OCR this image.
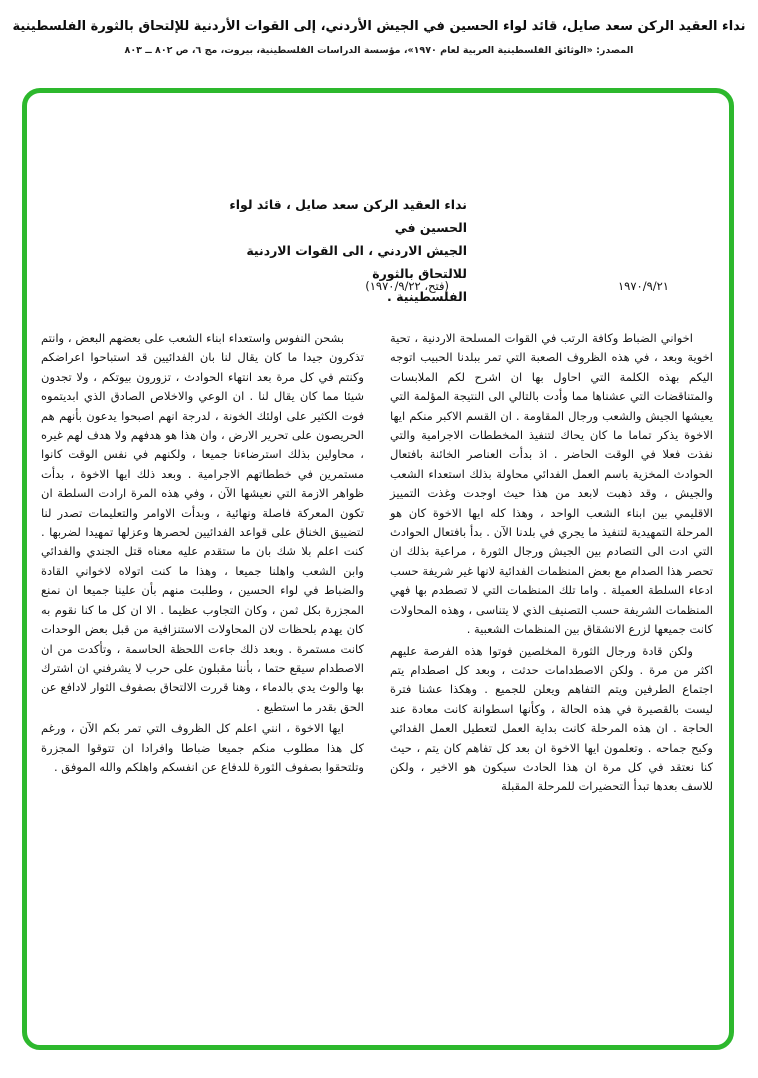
نداء العقيد الركن سعد صايل، قائد لواء الحسين في الجيش الأردني، إلى القوات الأردنية للإلتحاق بالثورة الفلسطينية
المصدر: «الوثائق الفلسطينية العربية لعام ١٩٧٠»، مؤسسة الدراسات الفلسطينية، بيروت، مج ٦، ص ٨٠٢ ــ ٨٠٣
نداء العقيد الركن سعد صايل ، قائد لواء الحسين في
الجيش الاردني ، الى القوات الاردنية للالتحاق بالثورة
الفلسطينية .
١٩٧٠/٩/٢١
(فتح، ١٩٧٠/٩/٢٢)

اخواني الضباط وكافة الرتب في القوات المسلحة الاردنية ، تحية اخوية وبعد ، في هذه الظروف الصعبة التي تمر ببلدنا الحبيب اتوجه اليكم بهذه الكلمة التي احاول بها ان اشرح لكم الملابسات والمتناقضات التي عشناها مما وأدت بالتالي الى النتيجة المؤلمة التي يعيشها الجيش والشعب ورجال المقاومة . ان القسم الاكبر منكم ايها الاخوة يذكر تماما ما كان يحاك لتنفيذ المخططات الاجرامية والتي نفذت فعلا في الوقت الحاضر . اذ بدأت العناصر الخائنة بافتعال الحوادث المخزية باسم العمل الفدائي محاولة بذلك استعداء الشعب والجيش ، وقد ذهبت لابعد من هذا حيث اوجدت وغذت التمييز الاقليمي بين ابناء الشعب الواحد ، وهذا كله ايها الاخوة كان هو المرحلة التمهيدية لتنفيذ ما يجري في بلدنا الآن . بدأ بافتعال الحوادث التي ادت الى التصادم بين الجيش ورجال الثورة ، مراعية بذلك ان تحصر هذا الصدام مع بعض المنظمات الفدائية لانها غير شريفة حسب ادعاء السلطة العميلة . واما تلك المنظمات التي لا تصطدم بها فهي المنظمات الشريفة حسب التصنيف الذي لا يتناسى ، وهذه المحاولات كانت جميعها لزرع الانشقاق بين المنظمات الشعبية .

ولكن قادة ورجال الثورة المخلصين فوتوا هذه الفرصة عليهم اكثر من مرة . ولكن الاصطدامات حدثت ، وبعد كل اصطدام يتم اجتماع الطرفين ويتم التفاهم ويعلن للجميع . وهكذا عشنا فترة ليست بالقصيرة في هذه الحالة ، وكأنها اسطوانة كانت معادة عند الحاجة . ان هذه المرحلة كانت بداية العمل لتعطيل العمل الفدائي وكبح جماحه . وتعلمون ايها الاخوة ان بعد كل تفاهم كان يتم ، حيث كنا نعتقد في كل مرة ان هذا الحادث سيكون هو الاخير ، ولكن للاسف بعدها تبدأ التحضيرات للمرحلة المقبلة

بشحن النفوس واستعداء ابناء الشعب على بعضهم البعض ، وانتم تذكرون جيدا ما كان يقال لنا بان الفدائيين قد استباحوا اعراضكم وكنتم في كل مرة بعد انتهاء الحوادث ، تزورون بيوتكم ، ولا تجدون شيئا مما كان يقال لنا . ان الوعي والاخلاص الصادق الذي ابديتموه فوت الكثير على اولئك الخونة ، لدرجة انهم اصبحوا يدعون بأنهم هم الحريصون على تحرير الارض ، وان هذا هو هدفهم ولا هدف لهم غيره ، محاولين بذلك استرضاءنا جميعا ، ولكنهم في نفس الوقت كانوا مستمرين في خططاتهم الاجرامية . وبعد ذلك ايها الاخوة ، بدأت ظواهر الازمة التي نعيشها الآن ، وفي هذه المرة ارادت السلطة ان تكون المعركة فاصلة ونهائية ، وبدأت الاوامر والتعليمات تصدر لنا لتضييق الخناق على قواعد الفدائيين لحصرها وعزلها تمهيدا لضربها . كنت اعلم بلا شك بان ما ستقدم عليه معناه قتل الجندي والفدائي وابن الشعب واهلنا جميعا ، وهذا ما كنت اتولاه لاخواني القادة والضباط في لواء الحسين ، وطلبت منهم بأن علينا جميعا ان نمنع المجزرة بكل ثمن ، وكان التجاوب عظيما . الا ان كل ما كنا نقوم به كان يهدم بلحظات لان المحاولات الاستنزافية من قبل بعض الوحدات كانت مستمرة . وبعد ذلك جاءت اللحظة الحاسمة ، وتأكدت من ان الاصطدام سيقع حتما ، بأننا مقبلون على حرب لا يشرفني ان اشترك بها والوث يدي بالدماء ، وهنا قررت الالتحاق بصفوف الثوار لادافع عن الحق بقدر ما استطيع .

ايها الاخوة ، انني اعلم كل الظروف التي تمر بكم الآن ، ورغم كل هذا مطلوب منكم جميعا ضباطا وافرادا ان تتوقوا المجزرة وتلتحقوا بصفوف الثورة للدفاع عن انفسكم واهلكم والله الموفق .
